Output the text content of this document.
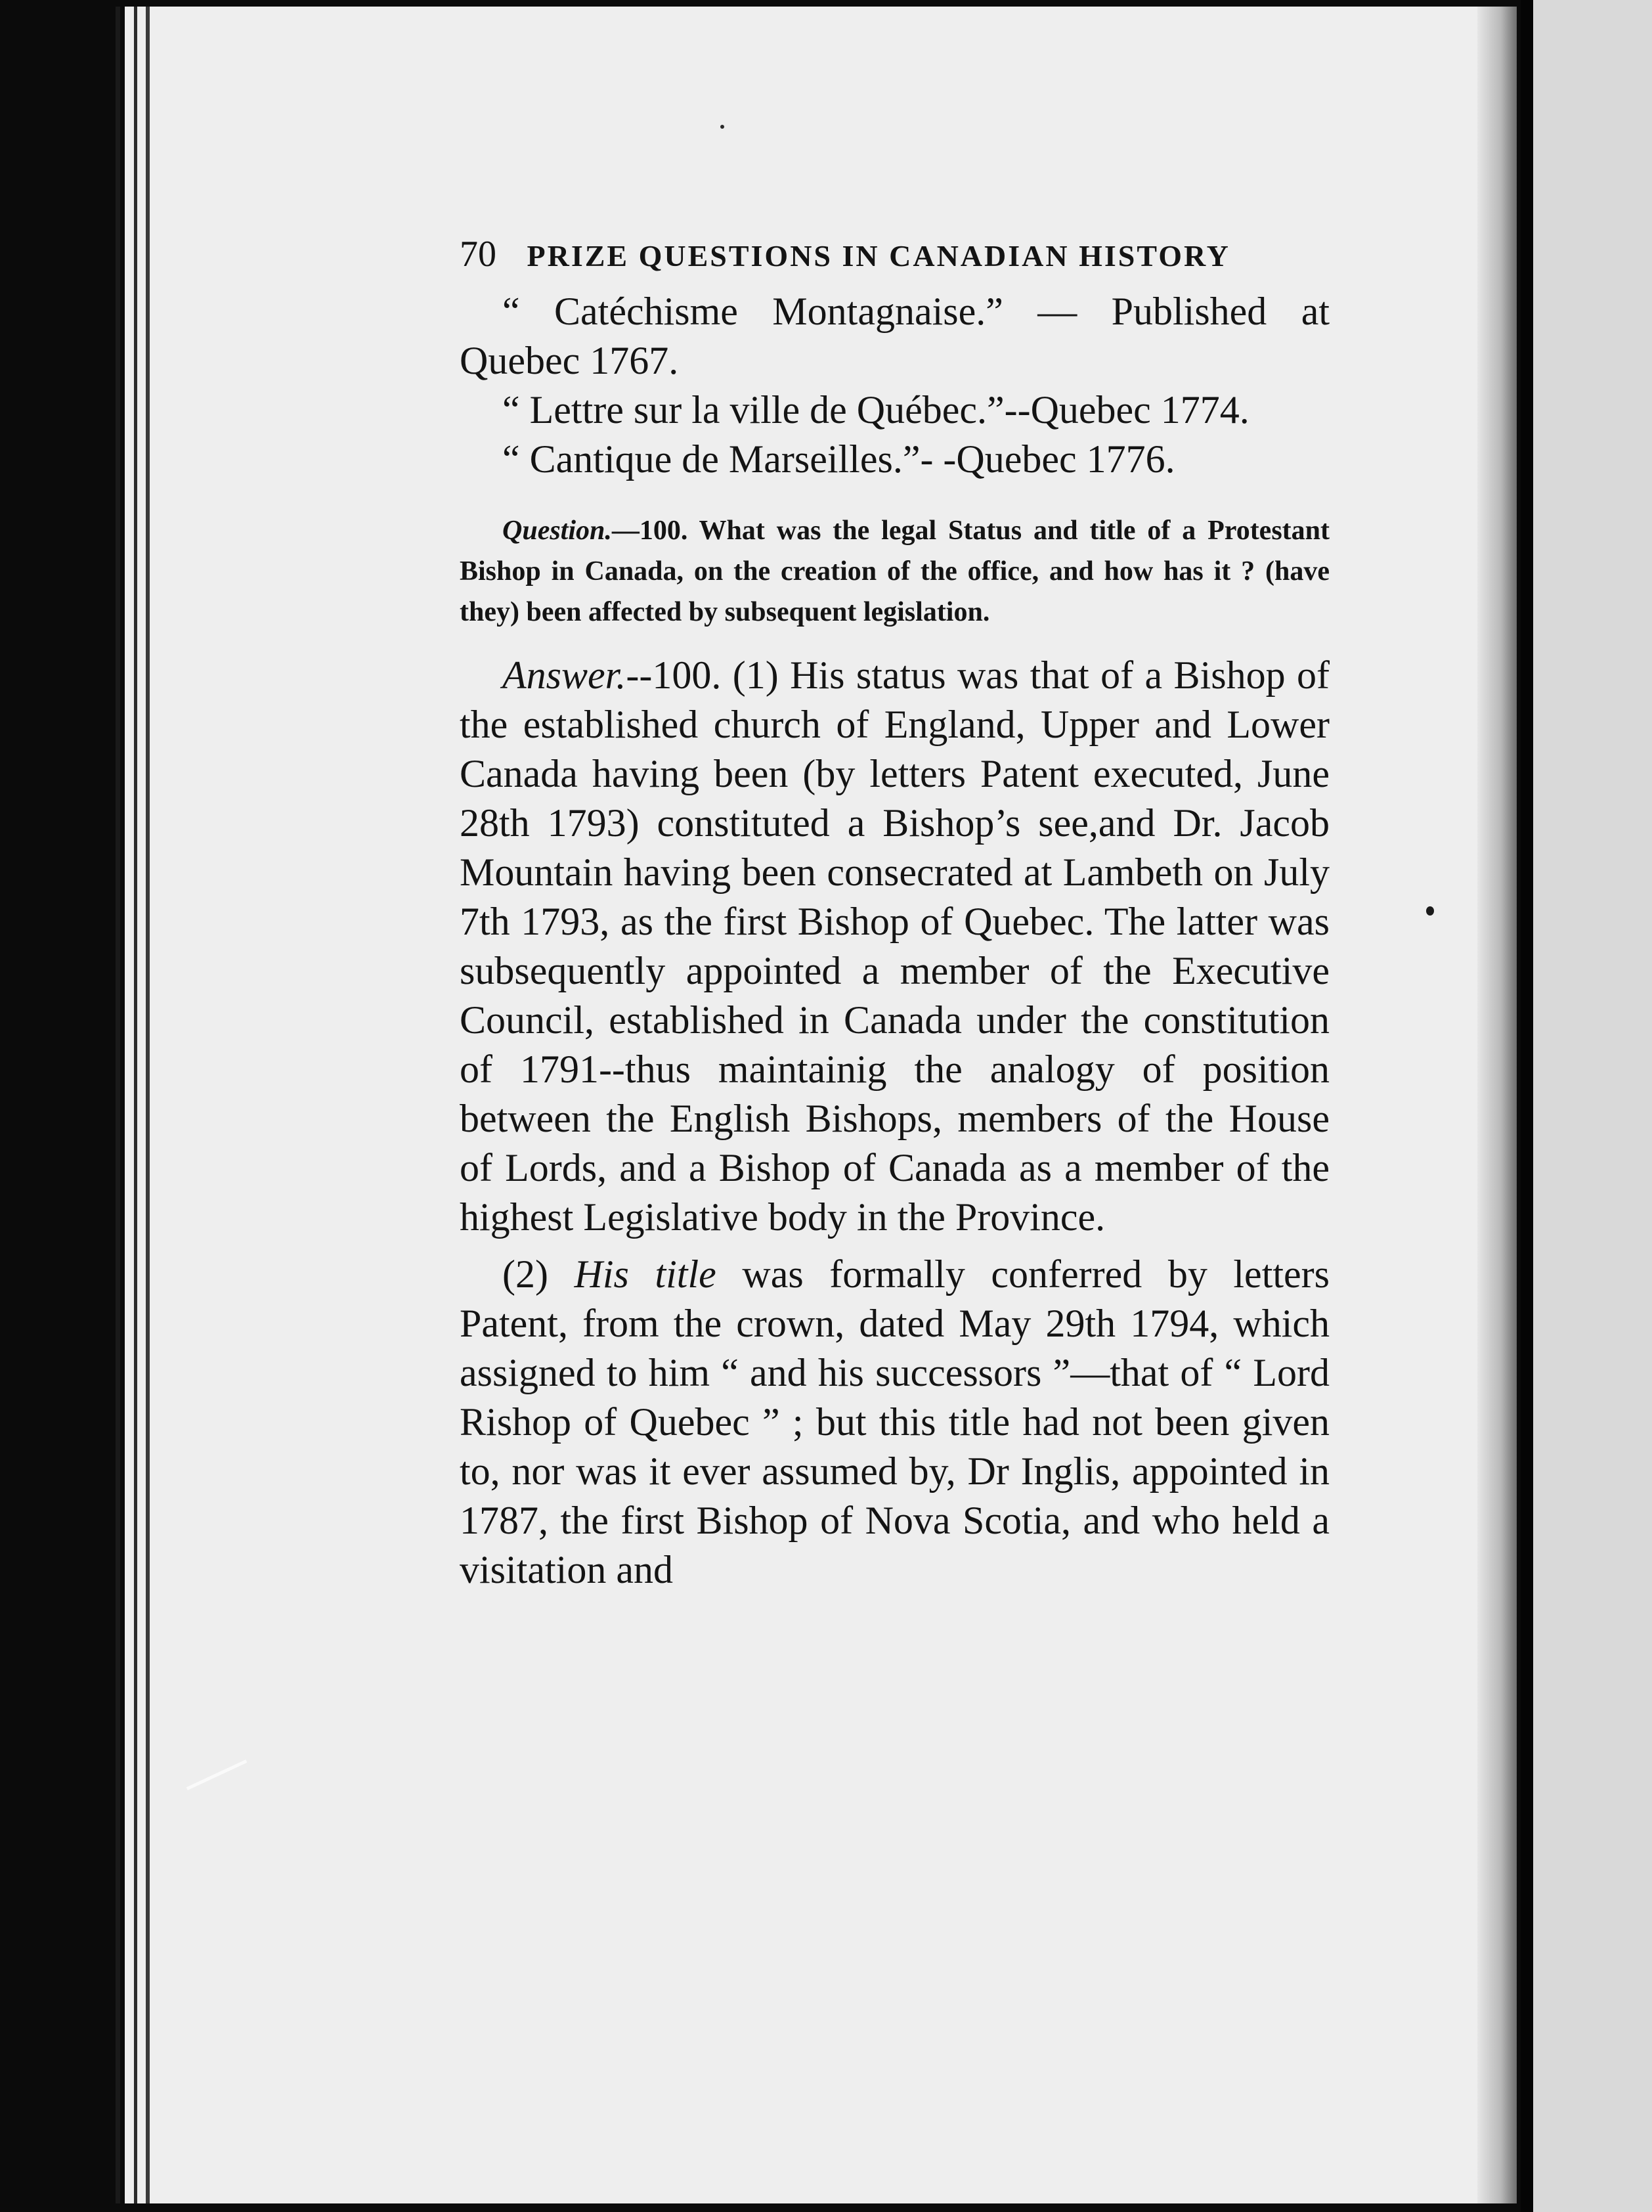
70 PRIZE QUESTIONS IN CANADIAN HISTORY

“ Catéchisme Montagnaise.” — Published at Quebec 1767.

“ Lettre sur la ville de Québec.”--Quebec 1774.

“ Cantique de Marseilles.”- -Quebec 1776.

Question.—100. What was the legal Status and title of a Protestant Bishop in Canada, on the creation of the office, and how has it ? (have they) been affected by subsequent legislation.

Answer.--100. (1) His status was that of a Bishop of the established church of England, Upper and Lower Canada having been (by letters Patent executed, June 28th 1793) constituted a Bishop’s see,and Dr. Jacob Mountain having been consecrated at Lambeth on July 7th 1793, as the first Bishop of Quebec. The latter was subsequently appointed a member of the Executive Council, established in Canada under the constitution of 1791--thus maintainig the analogy of position between the English Bishops, members of the House of Lords, and a Bishop of Canada as a member of the highest Legislative body in the Province.

(2) His title was formally conferred by letters Patent, from the crown, dated May 29th 1794, which assigned to him “ and his successors ”—that of “ Lord Rishop of Quebec ” ; but this title had not been given to, nor was it ever assumed by, Dr Inglis, appointed in 1787, the first Bishop of Nova Scotia, and who held a visitation and
